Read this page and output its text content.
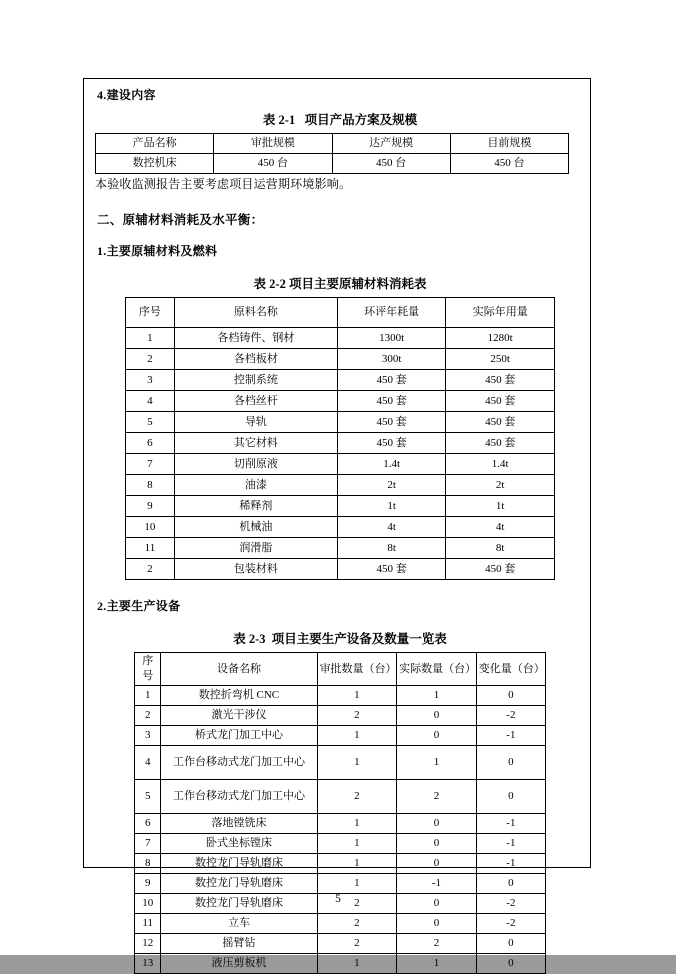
4.建设内容
表 2-1 项目产品方案及规模
产品名称	审批规模	达产规模	目前规模
数控机床	450 台	450 台	450 台
本验收监测报告主要考虑项目运营期环境影响。
二、原辅材料消耗及水平衡：
1.主要原辅材料及燃料
表 2-2 项目主要原辅材料消耗表
序号	原料名称	环评年耗量	实际年用量
1	各档铸件、钢材	1300t	1280t
2	各档板材	300t	250t
3	控制系统	450 套	450 套
4	各档丝杆	450 套	450 套
5	导轨	450 套	450 套
6	其它材料	450 套	450 套
7	切削原液	1.4t	1.4t
8	油漆	2t	2t
9	稀释剂	1t	1t
10	机械油	4t	4t
11	润滑脂	8t	8t
2	包装材料	450 套	450 套
2.主要生产设备
表 2-3 项目主要生产设备及数量一览表
序号	设备名称	审批数量（台）	实际数量（台）	变化量（台）
1	数控折弯机 CNC	1	1	0
2	激光干涉仪	2	0	-2
3	桥式龙门加工中心	1	0	-1
4	工作台移动式龙门加工中心	1	1	0
5	工作台移动式龙门加工中心	2	2	0
6	落地镗铣床	1	0	-1
7	卧式坐标镗床	1	0	-1
8	数控龙门导轨磨床	1	0	-1
9	数控龙门导轨磨床	1	-1	0
10	数控龙门导轨磨床	2	0	-2
11	立车	2	0	-2
12	摇臂钻	2	2	0
13	液压剪板机	1	1	0
5
